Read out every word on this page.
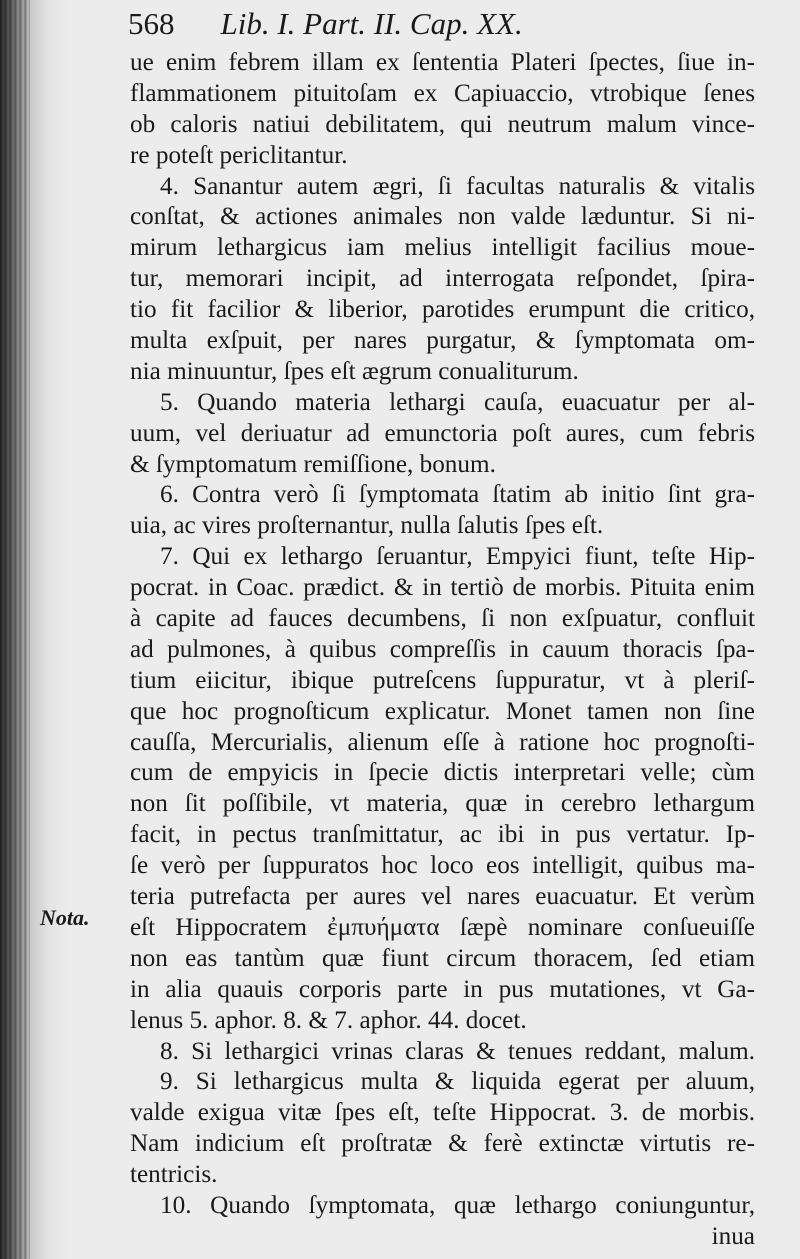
568 Lib. I. Part. II. Cap. XX.
Nota.
ue enim febrem illam ex ſententia Plateri ſpectes, ſiue in-
flammationem pituitoſam ex Capiuaccio, vtrobique ſenes
ob caloris natiui debilitatem, qui neutrum malum vince-
re poteſt periclitantur.
4. Sanantur autem ægri, ſi facultas naturalis & vitalis
conſtat, & actiones animales non valde læduntur. Si ni-
mirum lethargicus iam melius intelligit facilius moue-
tur, memorari incipit, ad interrogata reſpondet, ſpira-
tio fit facilior & liberior, parotides erumpunt die critico,
multa exſpuit, per nares purgatur, & ſymptomata om-
nia minuuntur, ſpes eſt ægrum conualiturum.
5. Quando materia lethargi cauſa, euacuatur per al-
uum, vel deriuatur ad emunctoria poſt aures, cum febris
& ſymptomatum remiſſione, bonum.
6. Contra verò ſi ſymptomata ſtatim ab initio ſint gra-
uia, ac vires proſternantur, nulla ſalutis ſpes eſt.
7. Qui ex lethargo ſeruantur, Empyici fiunt, teſte Hip-
pocrat. in Coac. prædict. & in tertiò de morbis. Pituita enim
à capite ad fauces decumbens, ſi non exſpuatur, confluit
ad pulmones, à quibus compreſſis in cauum thoracis ſpa-
tium eiicitur, ibique putreſcens ſuppuratur, vt à pleriſ-
que hoc prognoſticum explicatur. Monet tamen non ſine
cauſſa, Mercurialis, alienum eſſe à ratione hoc prognoſti-
cum de empyicis in ſpecie dictis interpretari velle; cùm
non ſit poſſibile, vt materia, quæ in cerebro lethargum
facit, in pectus tranſmittatur, ac ibi in pus vertatur. Ip-
ſe verò per ſuppuratos hoc loco eos intelligit, quibus ma-
teria putrefacta per aures vel nares euacuatur. Et verùm
eſt Hippocratem ἐμπυήματα ſæpè nominare conſueuiſſe
non eas tantùm quæ fiunt circum thoracem, ſed etiam
in alia quauis corporis parte in pus mutationes, vt Ga-
lenus 5. aphor. 8. & 7. aphor. 44. docet.
8. Si lethargici vrinas claras & tenues reddant, malum.
9. Si lethargicus multa & liquida egerat per aluum,
valde exigua vitæ ſpes eſt, teſte Hippocrat. 3. de morbis.
Nam indicium eſt proſtratæ & ferè extinctæ virtutis re-
tentricis.
10. Quando ſymptomata, quæ lethargo coniunguntur,
inua
